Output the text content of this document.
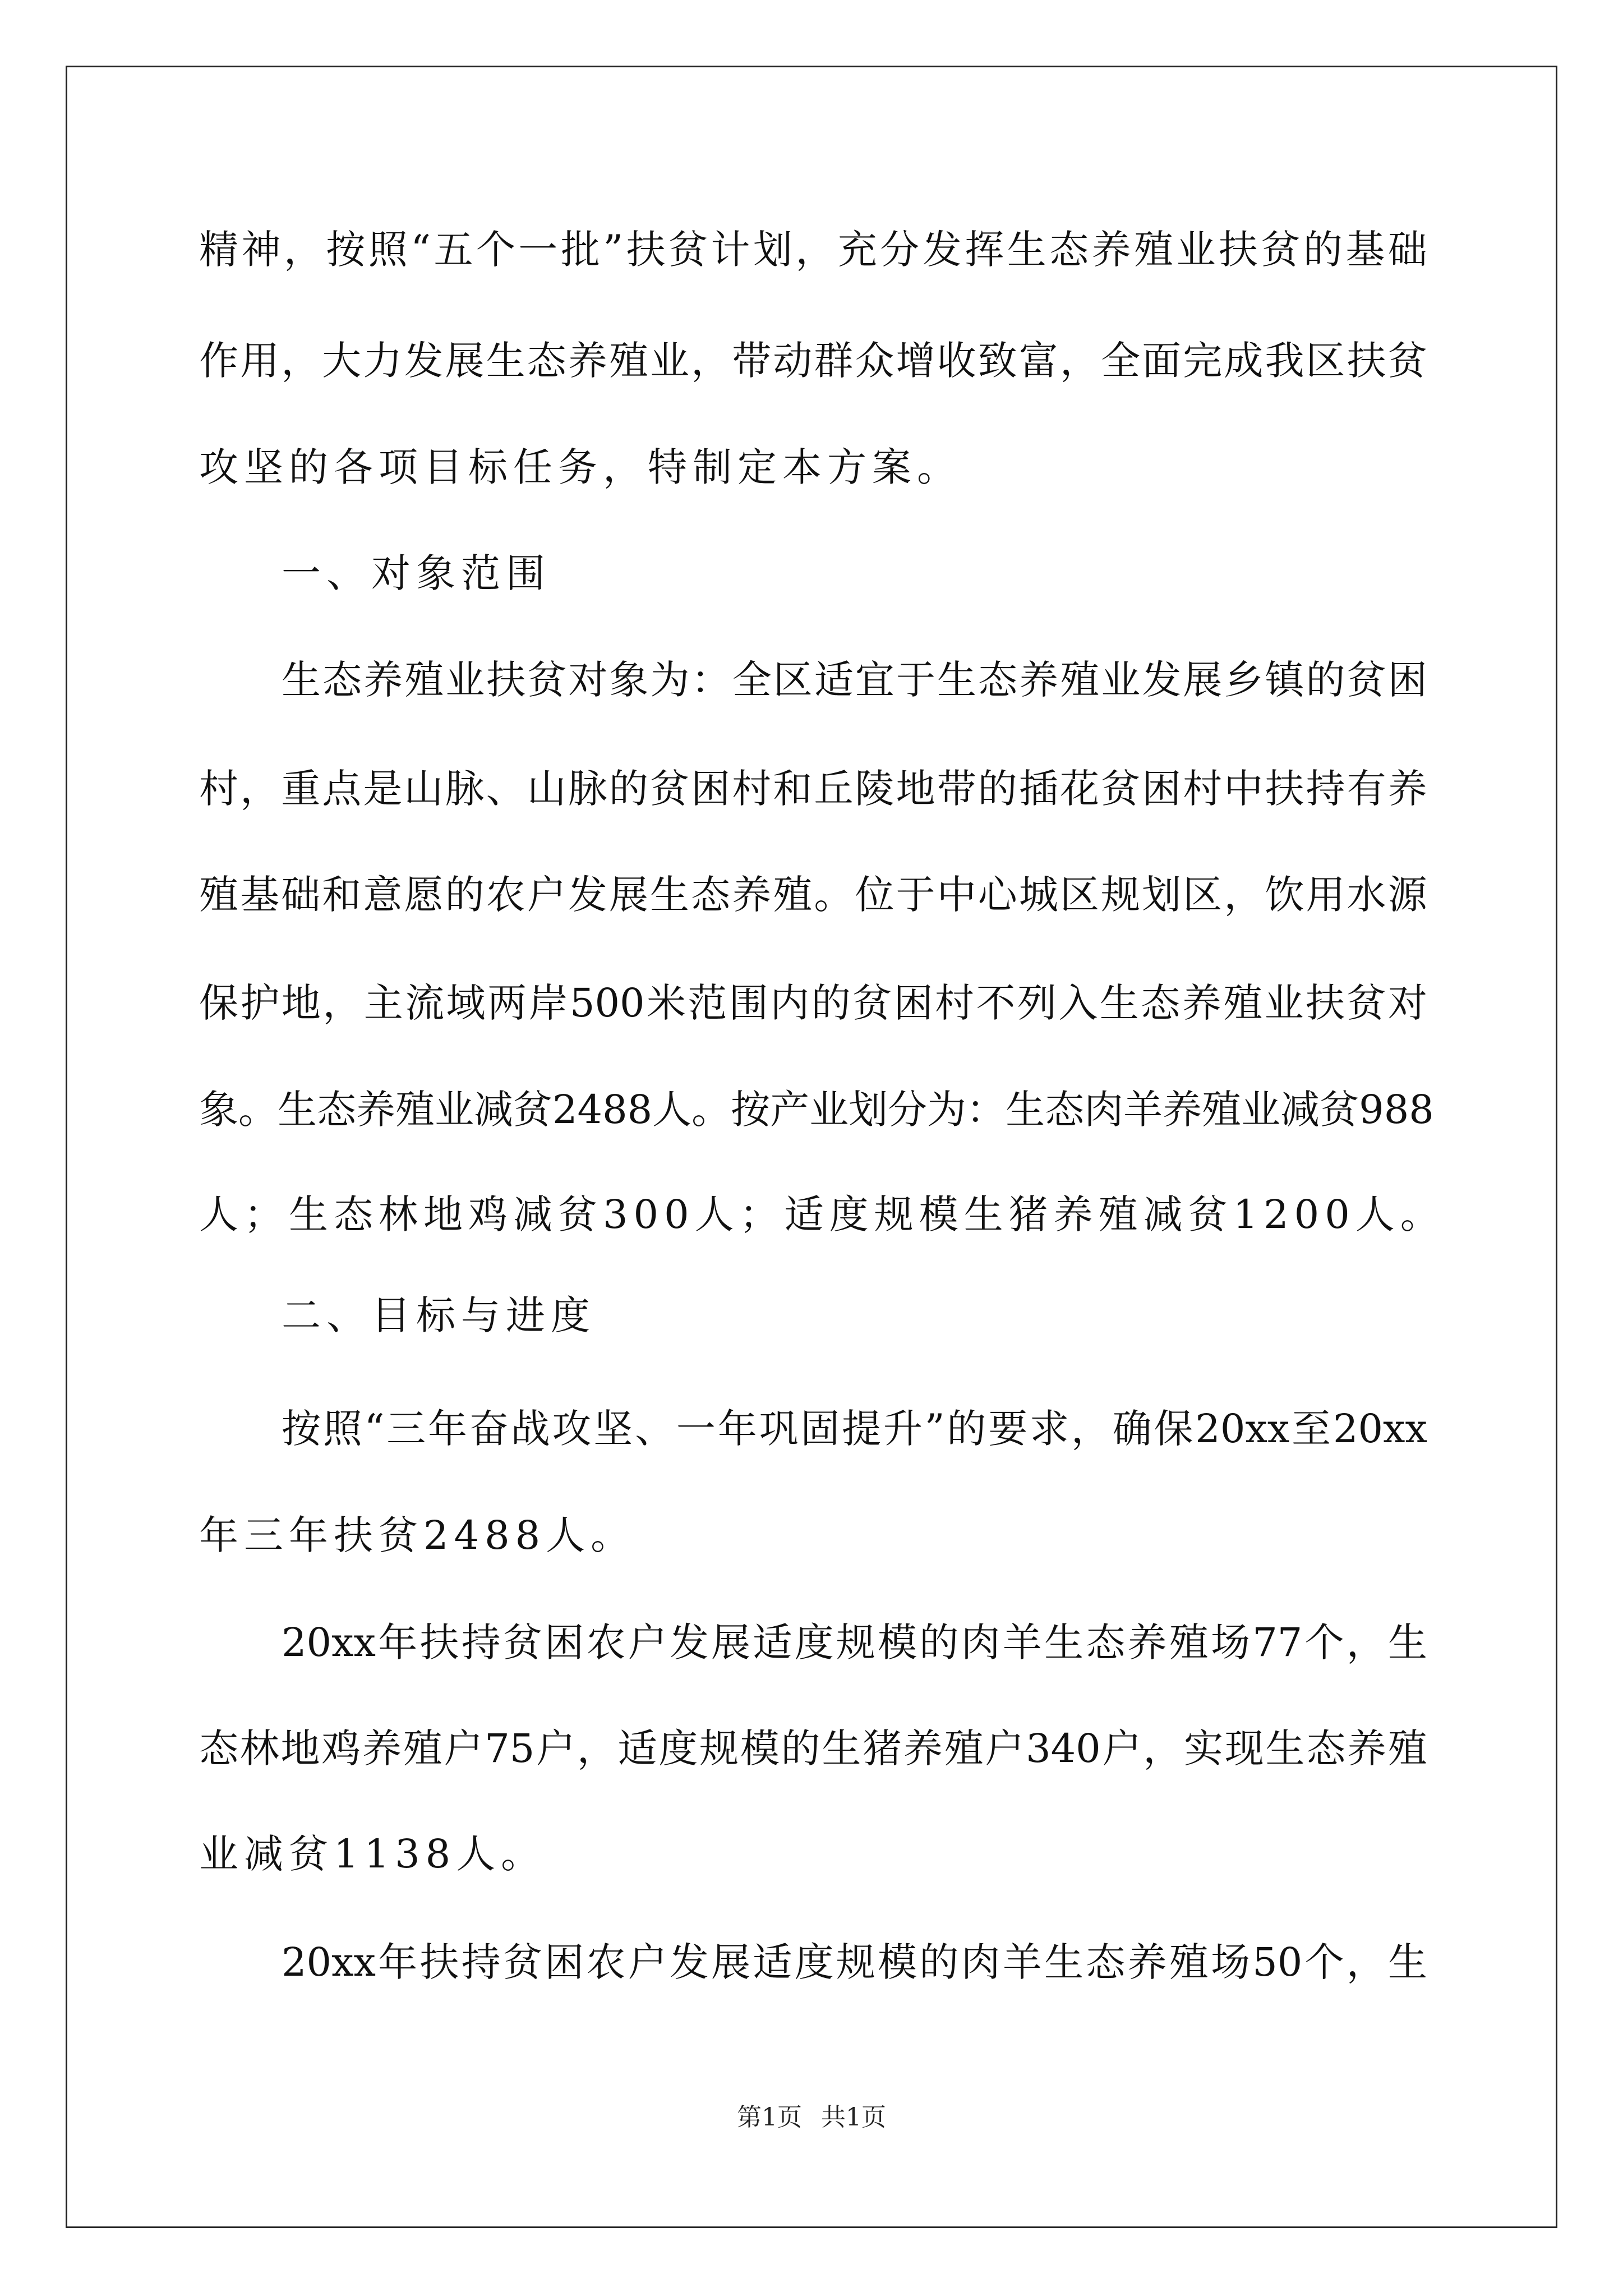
精 神 ， 按 照 “ 五 个 一 批 ” 扶 贫 计 划 ， 充 分 发 挥 生 态 养 殖 业 扶 贫 的 基 础
作 用 ， 大 力 发 展 生 态 养 殖 业 ， 带 动 群 众 增 收 致 富 ， 全 面 完 成 我 区 扶 贫
攻坚的各项目标任务，特制定本方案。
一、对象范围
生 态 养 殖 业 扶 贫 对 象 为 ： 全 区 适 宜 于 生 态 养 殖 业 发 展 乡 镇 的 贫 困
村 ， 重 点 是 山 脉 、 山 脉 的 贫 困 村 和 丘 陵 地 带 的 插 花 贫 困 村 中 扶 持 有 养
殖 基 础 和 意 愿 的 农 户 发 展 生 态 养 殖 。 位 于 中 心 城 区 规 划 区 ， 饮 用 水 源
保 护 地 ， 主 流 域 两 岸 500 米 范 围 内 的 贫 困 村 不 列 入 生 态 养 殖 业 扶 贫 对
象 。 生 态 养 殖 业 减 贫 2488 人 。 按 产 业 划 分 为 ： 生 态 肉 羊 养 殖 业 减 贫 988
人；生态林地鸡减贫300人；适度规模生猪养殖减贫1200人。
二、目标与进度
按 照 “ 三 年 奋 战 攻 坚 、 一 年 巩 固 提 升 ” 的 要 求 ， 确 保 20xx 至 20xx
年三年扶贫2488人。
20xx 年 扶 持 贫 困 农 户 发 展 适 度 规 模 的 肉 羊 生 态 养 殖 场 77 个 ， 生
态 林 地 鸡 养 殖 户 75 户 ， 适 度 规 模 的 生 猪 养 殖 户 340 户 ， 实 现 生 态 养 殖
业减贫1138人。
20xx 年 扶 持 贫 困 农 户 发 展 适 度 规 模 的 肉 羊 生 态 养 殖 场 50 个 ， 生
第1页 共1页
